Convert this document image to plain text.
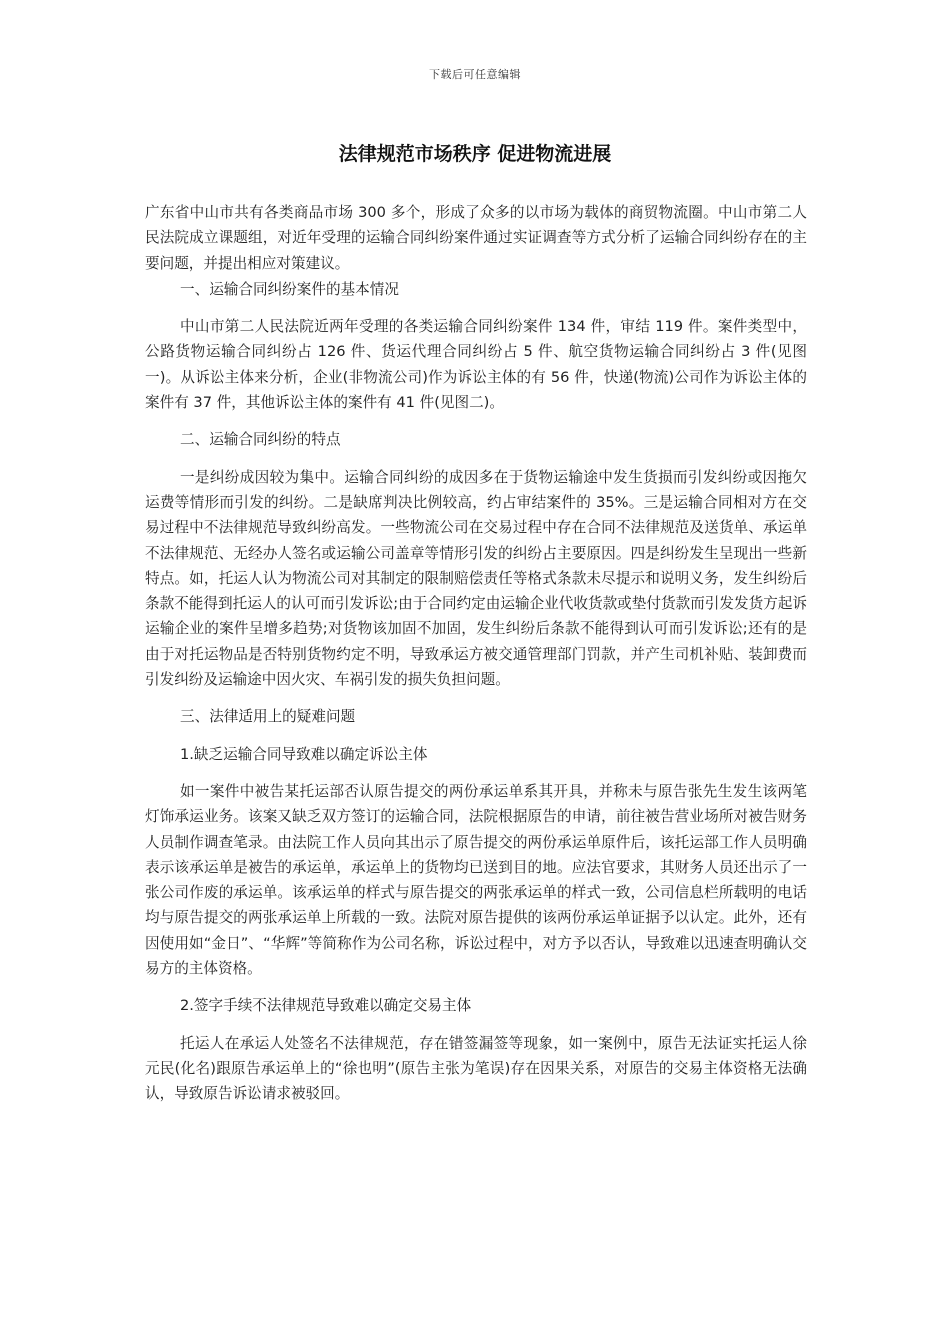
下载后可任意编辑
法律规范市场秩序 促进物流进展

广东省中山市共有各类商品市场 300 多个，形成了众多的以市场为载体的商贸物流圈。中山市第二人民法院成立课题组，对近年受理的运输合同纠纷案件通过实证调查等方式分析了运输合同纠纷存在的主要问题，并提出相应对策建议。

一、运输合同纠纷案件的基本情况

中山市第二人民法院近两年受理的各类运输合同纠纷案件 134 件，审结 119 件。案件类型中，公路货物运输合同纠纷占 126 件、货运代理合同纠纷占 5 件、航空货物运输合同纠纷占 3 件(见图一)。从诉讼主体来分析，企业(非物流公司)作为诉讼主体的有 56 件，快递(物流)公司作为诉讼主体的案件有 37 件，其他诉讼主体的案件有 41 件(见图二)。

二、运输合同纠纷的特点

一是纠纷成因较为集中。运输合同纠纷的成因多在于货物运输途中发生货损而引发纠纷或因拖欠运费等情形而引发的纠纷。二是缺席判决比例较高，约占审结案件的 35%。三是运输合同相对方在交易过程中不法律规范导致纠纷高发。一些物流公司在交易过程中存在合同不法律规范及送货单、承运单不法律规范、无经办人签名或运输公司盖章等情形引发的纠纷占主要原因。四是纠纷发生呈现出一些新特点。如，托运人认为物流公司对其制定的限制赔偿责任等格式条款未尽提示和说明义务，发生纠纷后条款不能得到托运人的认可而引发诉讼;由于合同约定由运输企业代收货款或垫付货款而引发发货方起诉运输企业的案件呈增多趋势;对货物该加固不加固，发生纠纷后条款不能得到认可而引发诉讼;还有的是由于对托运物品是否特别货物约定不明，导致承运方被交通管理部门罚款，并产生司机补贴、装卸费而引发纠纷及运输途中因火灾、车祸引发的损失负担问题。

三、法律适用上的疑难问题

1.缺乏运输合同导致难以确定诉讼主体

如一案件中被告某托运部否认原告提交的两份承运单系其开具，并称未与原告张先生发生该两笔灯饰承运业务。该案又缺乏双方签订的运输合同，法院根据原告的申请，前往被告营业场所对被告财务人员制作调查笔录。由法院工作人员向其出示了原告提交的两份承运单原件后，该托运部工作人员明确表示该承运单是被告的承运单，承运单上的货物均已送到目的地。应法官要求，其财务人员还出示了一张公司作废的承运单。该承运单的样式与原告提交的两张承运单的样式一致，公司信息栏所载明的电话均与原告提交的两张承运单上所载的一致。法院对原告提供的该两份承运单证据予以认定。此外，还有因使用如“金日”、“华辉”等简称作为公司名称，诉讼过程中，对方予以否认，导致难以迅速查明确认交易方的主体资格。

2.签字手续不法律规范导致难以确定交易主体

托运人在承运人处签名不法律规范，存在错签漏签等现象，如一案例中，原告无法证实托运人徐元民(化名)跟原告承运单上的“徐也明”(原告主张为笔误)存在因果关系，对原告的交易主体资格无法确认，导致原告诉讼请求被驳回。
